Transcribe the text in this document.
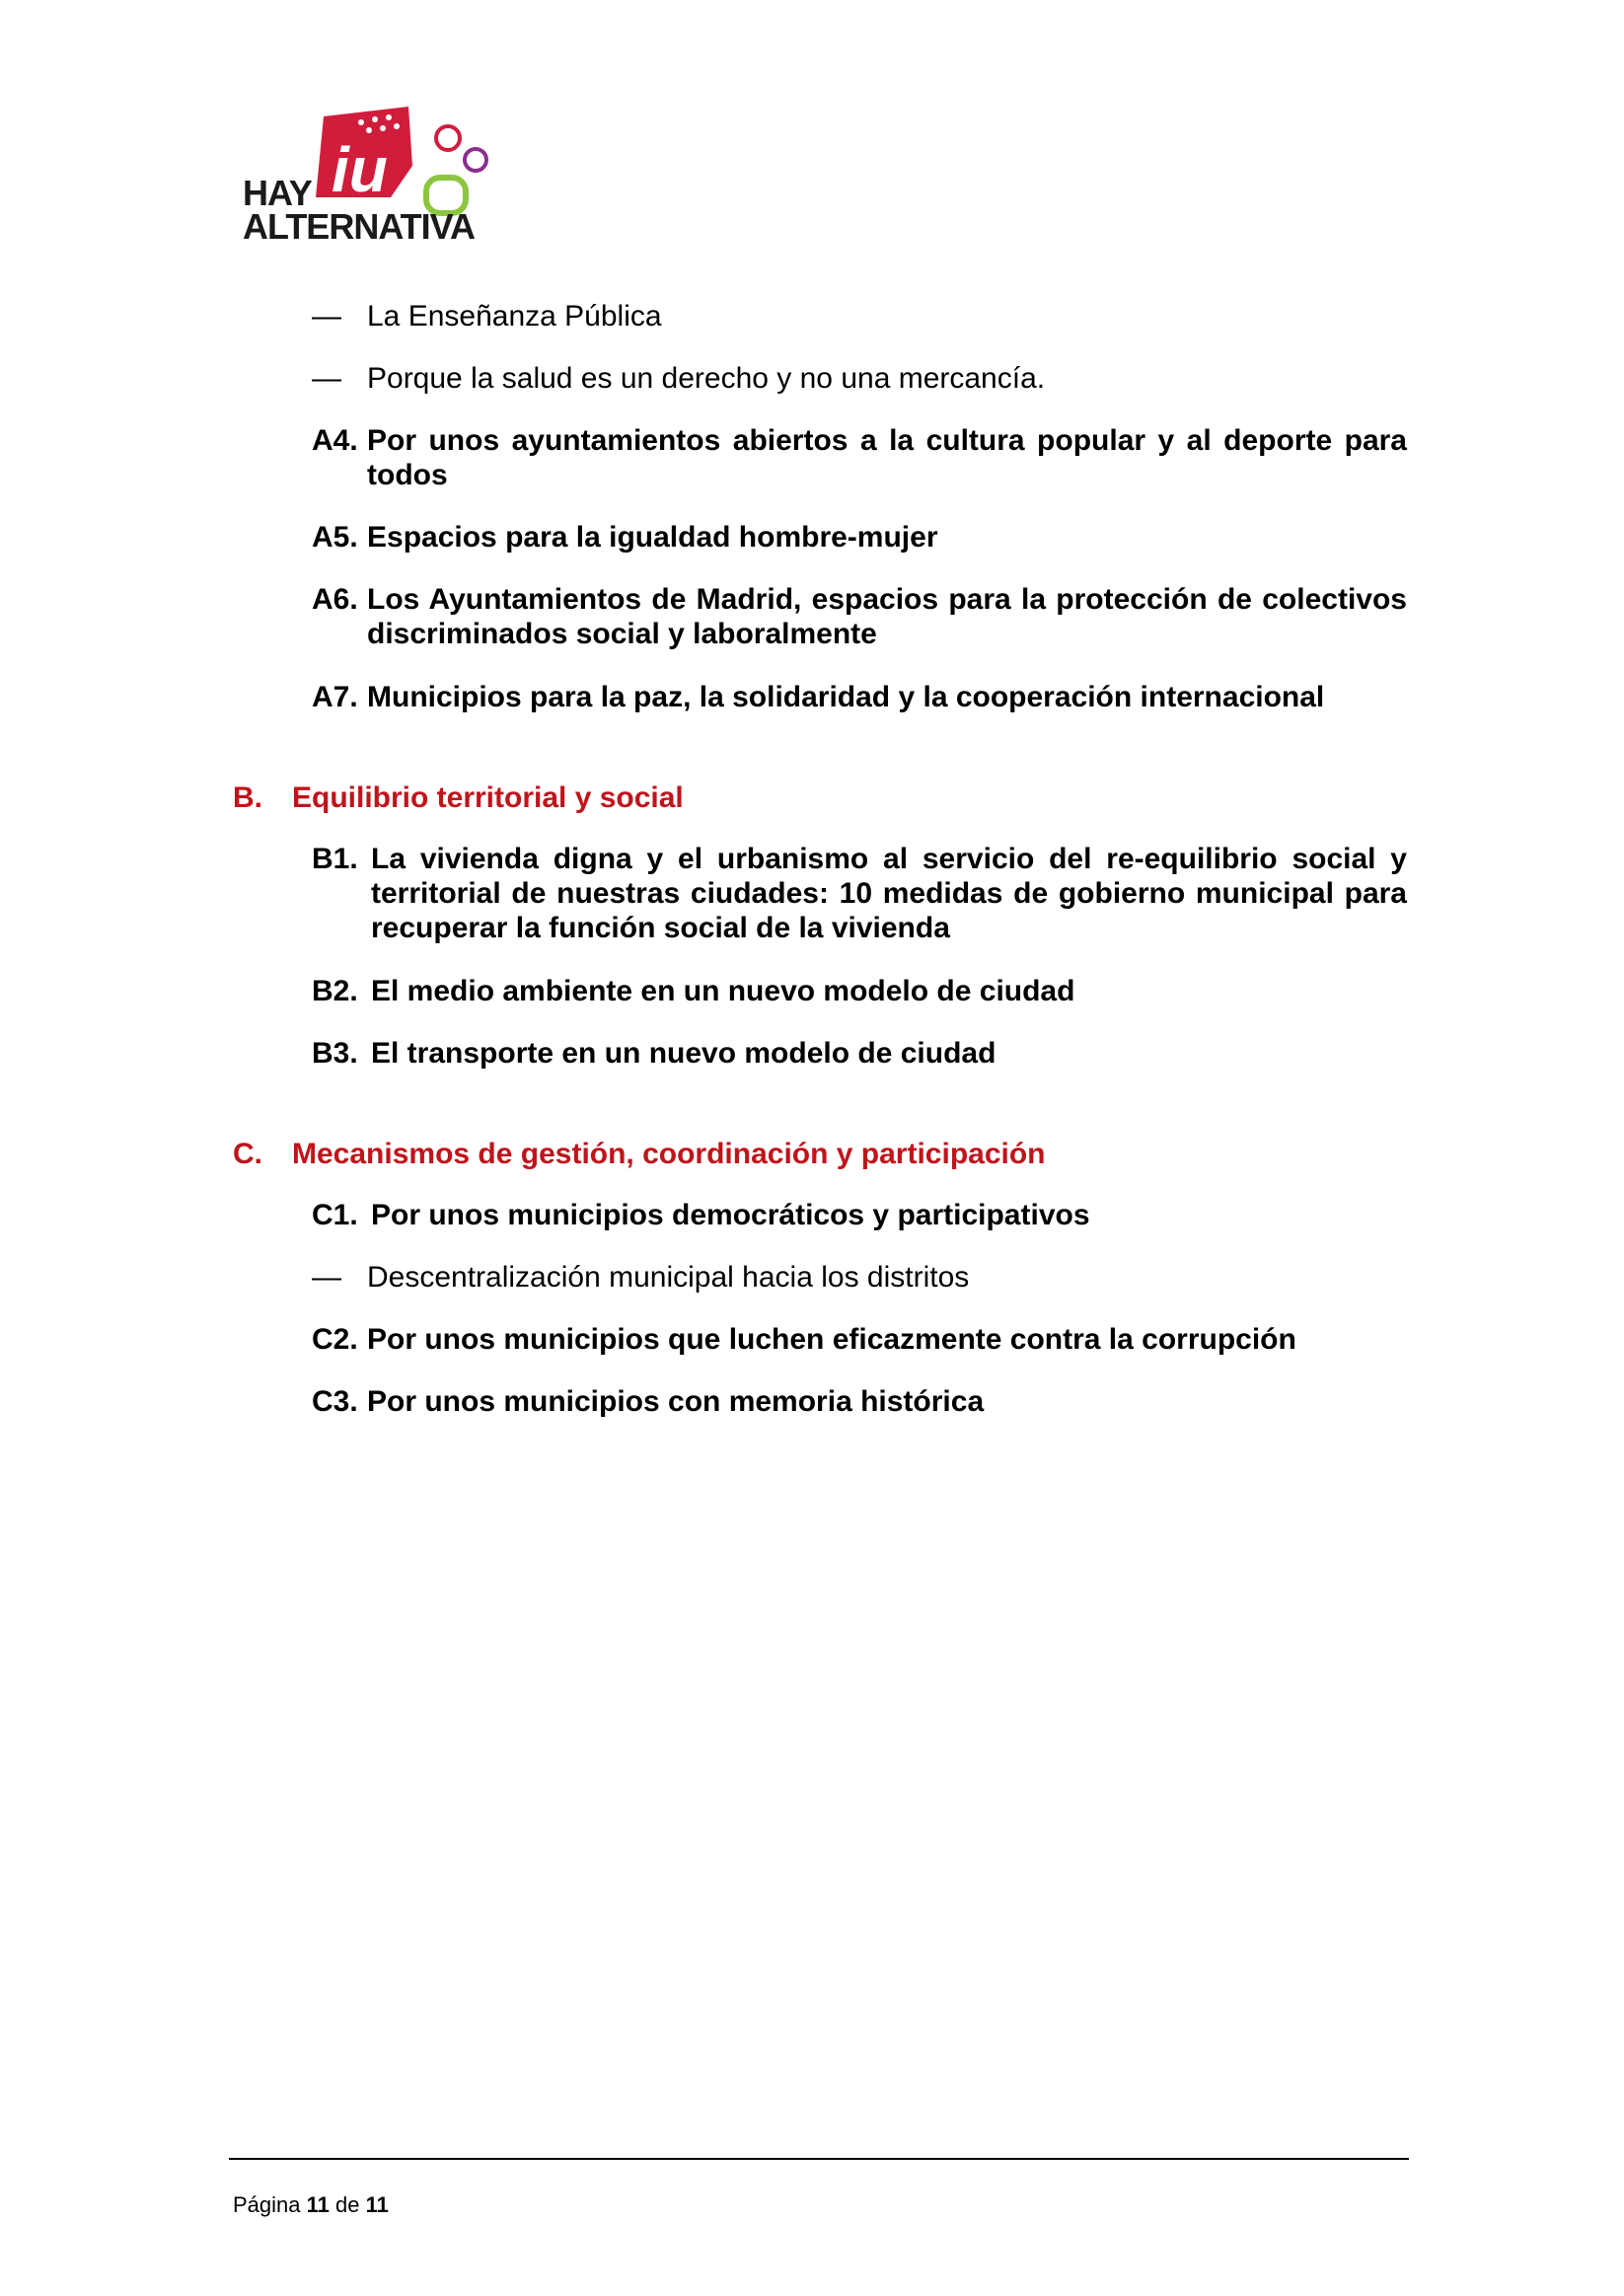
iu
HAY
ALTERNATIVA
— La Enseñanza Pública
— Porque la salud es un derecho y no una mercancía.
A4. Por unos ayuntamientos abiertos a la cultura popular y al deporte para todos
A5. Espacios para la igualdad hombre-mujer
A6. Los Ayuntamientos de Madrid, espacios para la protección de colectivos discriminados social y laboralmente
A7. Municipios para la paz, la solidaridad y la cooperación internacional
B. Equilibrio territorial y social
B1. La vivienda digna y el urbanismo al servicio del re-equilibrio social y territorial de nuestras ciudades: 10 medidas de gobierno municipal para recuperar la función social de la vivienda
B2. El medio ambiente en un nuevo modelo de ciudad
B3. El transporte en un nuevo modelo de ciudad
C. Mecanismos de gestión, coordinación y participación
C1. Por unos municipios democráticos y participativos
— Descentralización municipal hacia los distritos
C2. Por unos municipios que luchen eficazmente contra la corrupción
C3. Por unos municipios con memoria histórica
Página 11 de 11
